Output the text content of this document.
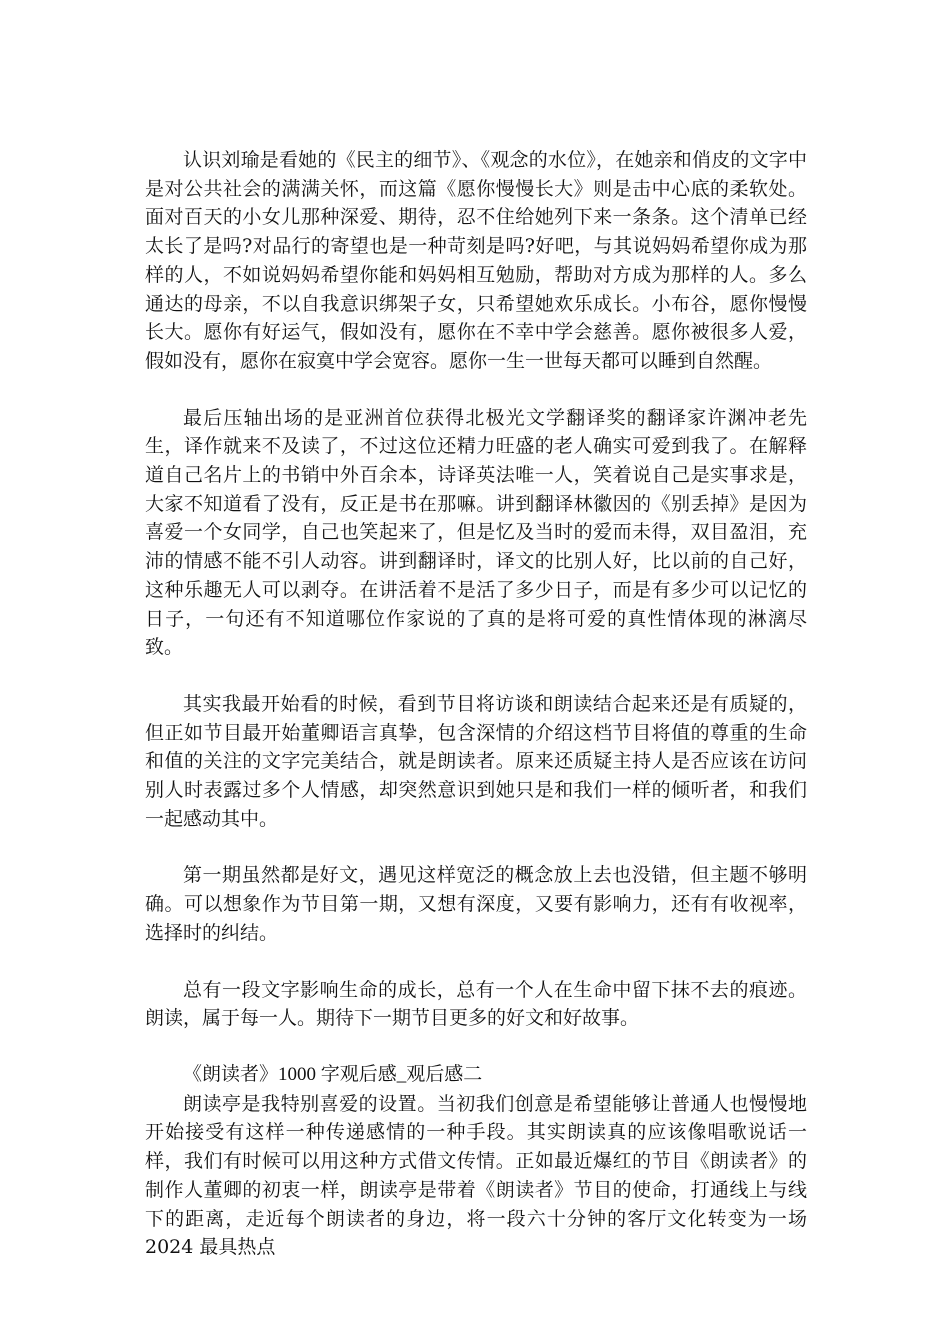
认识刘瑜是看她的《民主的细节》、《观念的水位》，在她亲和俏皮的文字中是对公共社会的满满关怀，而这篇《愿你慢慢长大》则是击中心底的柔软处。面对百天的小女儿那种深爱、期待，忍不住给她列下来一条条。这个清单已经太长了是吗?对品行的寄望也是一种苛刻是吗?好吧，与其说妈妈希望你成为那样的人，不如说妈妈希望你能和妈妈相互勉励，帮助对方成为那样的人。多么通达的母亲，不以自我意识绑架子女，只希望她欢乐成长。小布谷，愿你慢慢长大。愿你有好运气，假如没有，愿你在不幸中学会慈善。愿你被很多人爱，假如没有，愿你在寂寞中学会宽容。愿你一生一世每天都可以睡到自然醒。

最后压轴出场的是亚洲首位获得北极光文学翻译奖的翻译家许渊冲老先生，译作就来不及读了，不过这位还精力旺盛的老人确实可爱到我了。在解释道自己名片上的书销中外百余本，诗译英法唯一人，笑着说自己是实事求是，大家不知道看了没有，反正是书在那嘛。讲到翻译林徽因的《别丢掉》是因为喜爱一个女同学，自己也笑起来了，但是忆及当时的爱而未得，双目盈泪，充沛的情感不能不引人动容。讲到翻译时，译文的比别人好，比以前的自己好，这种乐趣无人可以剥夺。在讲活着不是活了多少日子，而是有多少可以记忆的日子，一句还有不知道哪位作家说的了真的是将可爱的真性情体现的淋漓尽致。

其实我最开始看的时候，看到节目将访谈和朗读结合起来还是有质疑的，但正如节目最开始董卿语言真挚，包含深情的介绍这档节目将值的尊重的生命和值的关注的文字完美结合，就是朗读者。原来还质疑主持人是否应该在访问别人时表露过多个人情感，却突然意识到她只是和我们一样的倾听者，和我们一起感动其中。

第一期虽然都是好文，遇见这样宽泛的概念放上去也没错，但主题不够明确。可以想象作为节目第一期，又想有深度，又要有影响力，还有有收视率，选择时的纠结。

总有一段文字影响生命的成长，总有一个人在生命中留下抹不去的痕迹。朗读，属于每一人。期待下一期节目更多的好文和好故事。

《朗读者》1000 字观后感_观后感二

朗读亭是我特别喜爱的设置。当初我们创意是希望能够让普通人也慢慢地开始接受有这样一种传递感情的一种手段。其实朗读真的应该像唱歌说话一样，我们有时候可以用这种方式借文传情。正如最近爆红的节目《朗读者》的制作人董卿的初衷一样，朗读亭是带着《朗读者》节目的使命，打通线上与线下的距离，走近每个朗读者的身边，将一段六十分钟的客厅文化转变为一场 2024 最具热点
